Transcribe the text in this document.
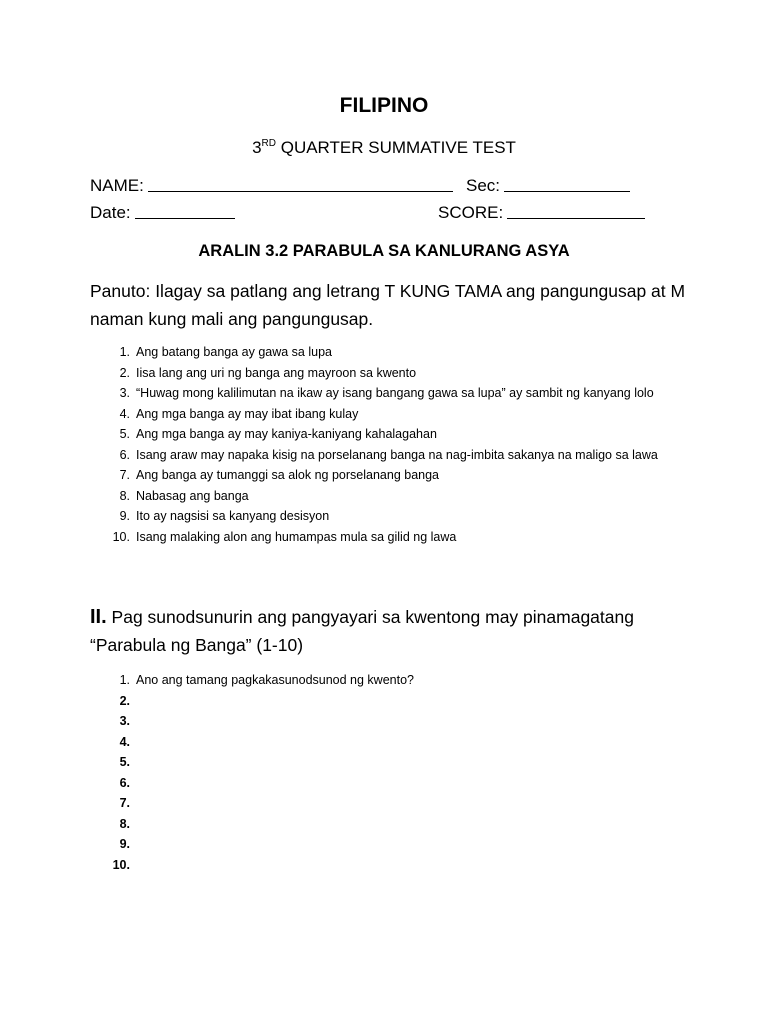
FILIPINO
3RD QUARTER SUMMATIVE TEST
NAME:	Sec:
Date:	SCORE:
ARALIN 3.2 PARABULA SA KANLURANG ASYA
Panuto: Ilagay sa patlang ang letrang T KUNG TAMA ang pangungusap at M naman kung mali ang pangungusap.
1. Ang batang banga ay gawa sa lupa
2. Iisa lang ang uri ng banga ang mayroon sa kwento
3. “Huwag mong kalilimutan na ikaw ay isang bangang gawa sa lupa” ay sambit ng kanyang lolo
4. Ang mga banga ay may ibat ibang kulay
5. Ang mga banga ay may kaniya-kaniyang kahalagahan
6. Isang araw may napaka kisig na porselanang banga na nag-imbita sakanya na maligo sa lawa
7. Ang banga ay tumanggi sa alok ng porselanang banga
8. Nabasag ang banga
9. Ito ay nagsisi sa kanyang desisyon
10. Isang malaking alon ang humampas mula sa gilid ng lawa
II. Pag sunodsunurin ang pangyayari sa kwentong may pinamagatang “Parabula ng Banga” (1-10)
1. Ano ang tamang pagkakasunodsunod ng kwento?
2.
3.
4.
5.
6.
7.
8.
9.
10.
